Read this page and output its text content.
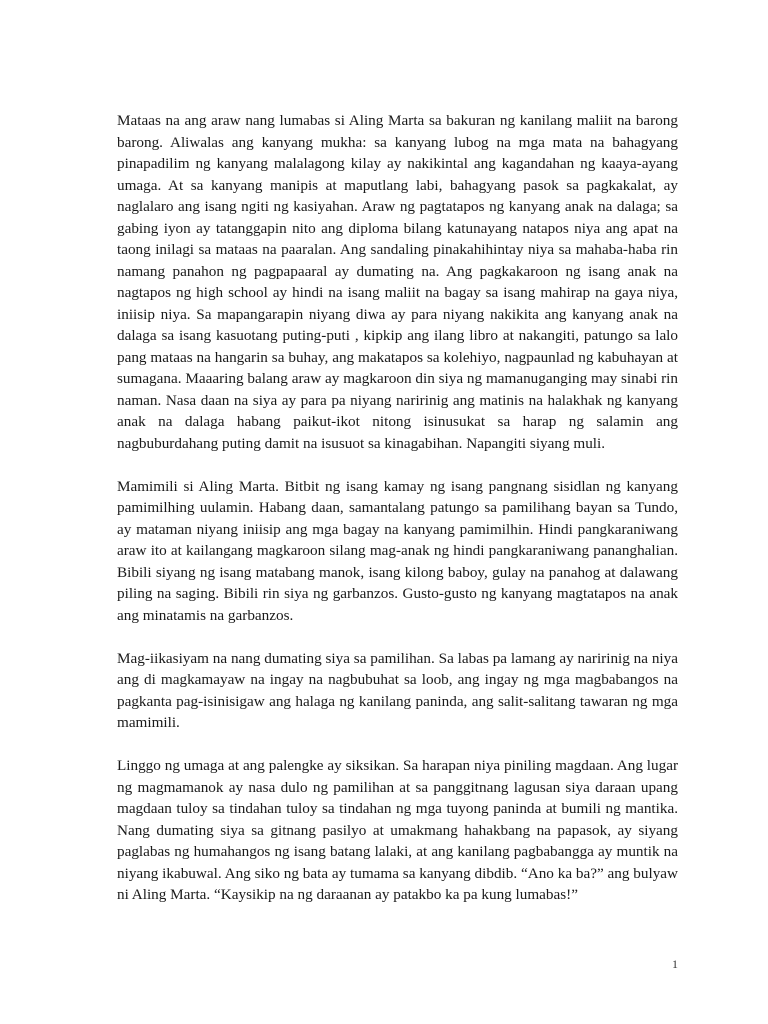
Mataas na ang araw nang lumabas si Aling Marta sa bakuran ng kanilang maliit na barong barong. Aliwalas ang kanyang mukha: sa kanyang lubog na mga mata na bahagyang pinapadilim ng kanyang malalagong kilay ay nakikintal ang kagandahan ng kaaya-ayang umaga. At sa kanyang manipis at maputlang labi, bahagyang pasok sa pagkakalat, ay naglalaro ang isang ngiti ng kasiyahan. Araw ng pagtatapos ng kanyang anak na dalaga; sa gabing iyon ay tatanggapin nito ang diploma bilang katunayang natapos niya ang apat na taong inilagi sa mataas na paaralan. Ang sandaling pinakahihintay niya sa mahaba-haba rin namang panahon ng pagpapaaral ay dumating na. Ang pagkakaroon ng isang anak na nagtapos ng high school ay hindi na isang maliit na bagay sa isang mahirap na gaya niya, iniisip niya. Sa mapangarapin niyang diwa ay para niyang nakikita ang kanyang anak na dalaga sa isang kasuotang puting-puti , kipkip ang ilang libro at nakangiti, patungo sa lalo pang mataas na hangarin sa buhay, ang makatapos sa kolehiyo, nagpaunlad ng kabuhayan at sumagana. Maaaring balang araw ay magkaroon din siya ng mamanuganging may sinabi rin naman. Nasa daan na siya ay para pa niyang naririnig ang matinis na halakhak ng kanyang anak na dalaga habang paikut-ikot nitong isinusukat sa harap ng salamin ang nagbuburdahang puting damit na isusuot sa kinagabihan. Napangiti siyang muli.

Mamimili si Aling Marta. Bitbit ng isang kamay ng isang pangnang sisidlan ng kanyang pamimilhing uulamin. Habang daan, samantalang patungo sa pamilihang bayan sa Tundo, ay mataman niyang iniisip ang mga bagay na kanyang pamimilhin. Hindi pangkaraniwang araw ito at kailangang magkaroon silang mag-anak ng hindi pangkaraniwang pananghalian. Bibili siyang ng isang matabang manok, isang kilong baboy, gulay na panahog at dalawang piling na saging. Bibili rin siya ng garbanzos. Gusto-gusto ng kanyang magtatapos na anak ang minatamis na garbanzos.

Mag-iikasiyam na nang dumating siya sa pamilihan. Sa labas pa lamang ay naririnig na niya ang di magkamayaw na ingay na nagbubuhat sa loob, ang ingay ng mga magbabangos na pagkanta pag-isinisigaw ang halaga ng kanilang paninda, ang salit-salitang tawaran ng mga mamimili.

Linggo ng umaga at ang palengke ay siksikan. Sa harapan niya piniling magdaan. Ang lugar ng magmamanok ay nasa dulo ng pamilihan at sa panggitnang lagusan siya daraan upang magdaan tuloy sa tindahan tuloy sa tindahan ng mga tuyong paninda at bumili ng mantika. Nang dumating siya sa gitnang pasilyo at umakmang hahakbang na papasok, ay siyang paglabas ng humahangos ng isang batang lalaki, at ang kanilang pagbabangga ay muntik na niyang ikabuwal. Ang siko ng bata ay tumama sa kanyang dibdib. “Ano ka ba?” ang bulyaw ni Aling Marta. “Kaysikip na ng daraanan ay patakbo ka pa kung lumabas!”

1
